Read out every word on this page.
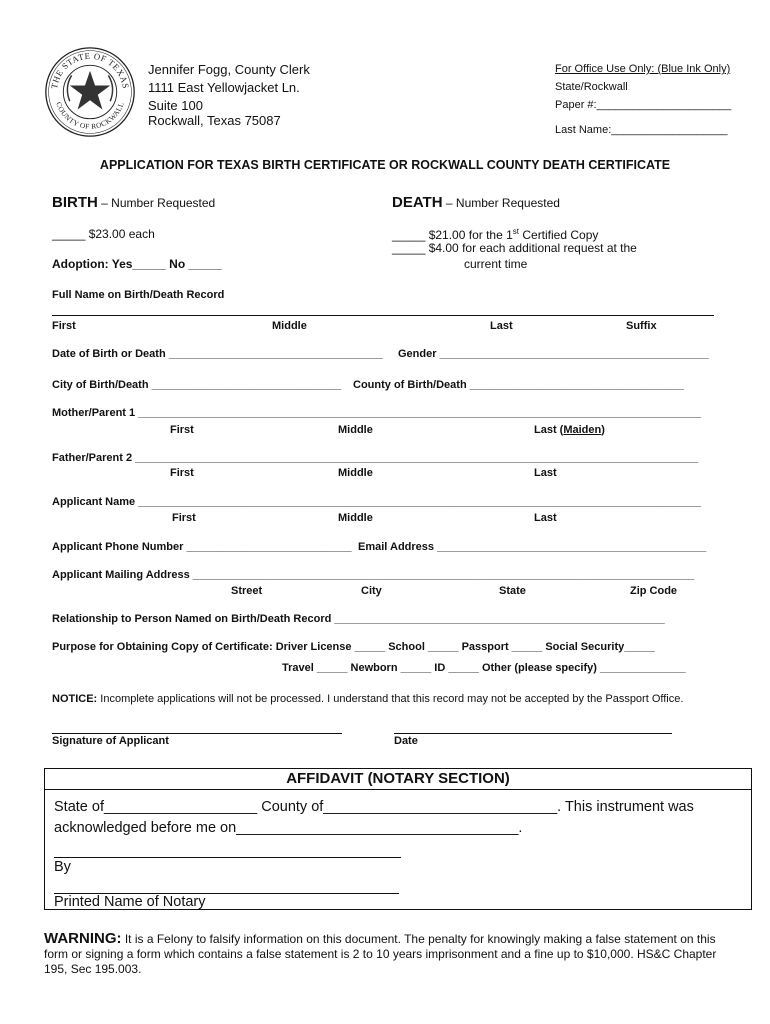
THE STATE OF TEXAS
COUNTY OF ROCKWALL
Jennifer Fogg, County Clerk
1111 East Yellowjacket Ln.
Suite 100
Rockwall, Texas 75087
For Office Use Only: (Blue Ink Only)
State/Rockwall
Paper #:______________________
Last Name:___________________
APPLICATION FOR TEXAS BIRTH CERTIFICATE OR ROCKWALL COUNTY DEATH CERTIFICATE
BIRTH – Number Requested	DEATH – Number Requested
_____ $23.00 each
Adoption: Yes_____ No _____
_____ $21.00 for the 1st Certified Copy
_____ $4.00 for each additional request at the
current time
Full Name on Birth/Death Record
First	Middle	Last	Suffix
Date of Birth or Death ___________________________________ Gender ____________________________________________
City of Birth/Death _______________________________ County of Birth/Death ___________________________________
Mother/Parent 1 ____________________________________________________________________________________________
First	Middle	Last (Maiden)
Father/Parent 2 ____________________________________________________________________________________________
First	Middle	Last
Applicant Name ____________________________________________________________________________________________
First	Middle	Last
Applicant Phone Number ___________________________ Email Address ____________________________________________
Applicant Mailing Address __________________________________________________________________________________
Street	City	State	Zip Code
Relationship to Person Named on Birth/Death Record ______________________________________________________
Purpose for Obtaining Copy of Certificate: Driver License _____ School _____ Passport _____ Social Security_____
Travel _____ Newborn _____ ID _____ Other (please specify) ______________
NOTICE: Incomplete applications will not be processed. I understand that this record may not be accepted by the Passport Office.
Signature of Applicant	Date
AFFIDAVIT (NOTARY SECTION)
State of___________________ County of_____________________________. This instrument was
acknowledged before me on___________________________________.
By
Printed Name of Notary
WARNING: It is a Felony to falsify information on this document. The penalty for knowingly making a false statement on this form or signing a form which contains a false statement is 2 to 10 years imprisonment and a fine up to $10,000. HS&C Chapter 195, Sec 195.003.
